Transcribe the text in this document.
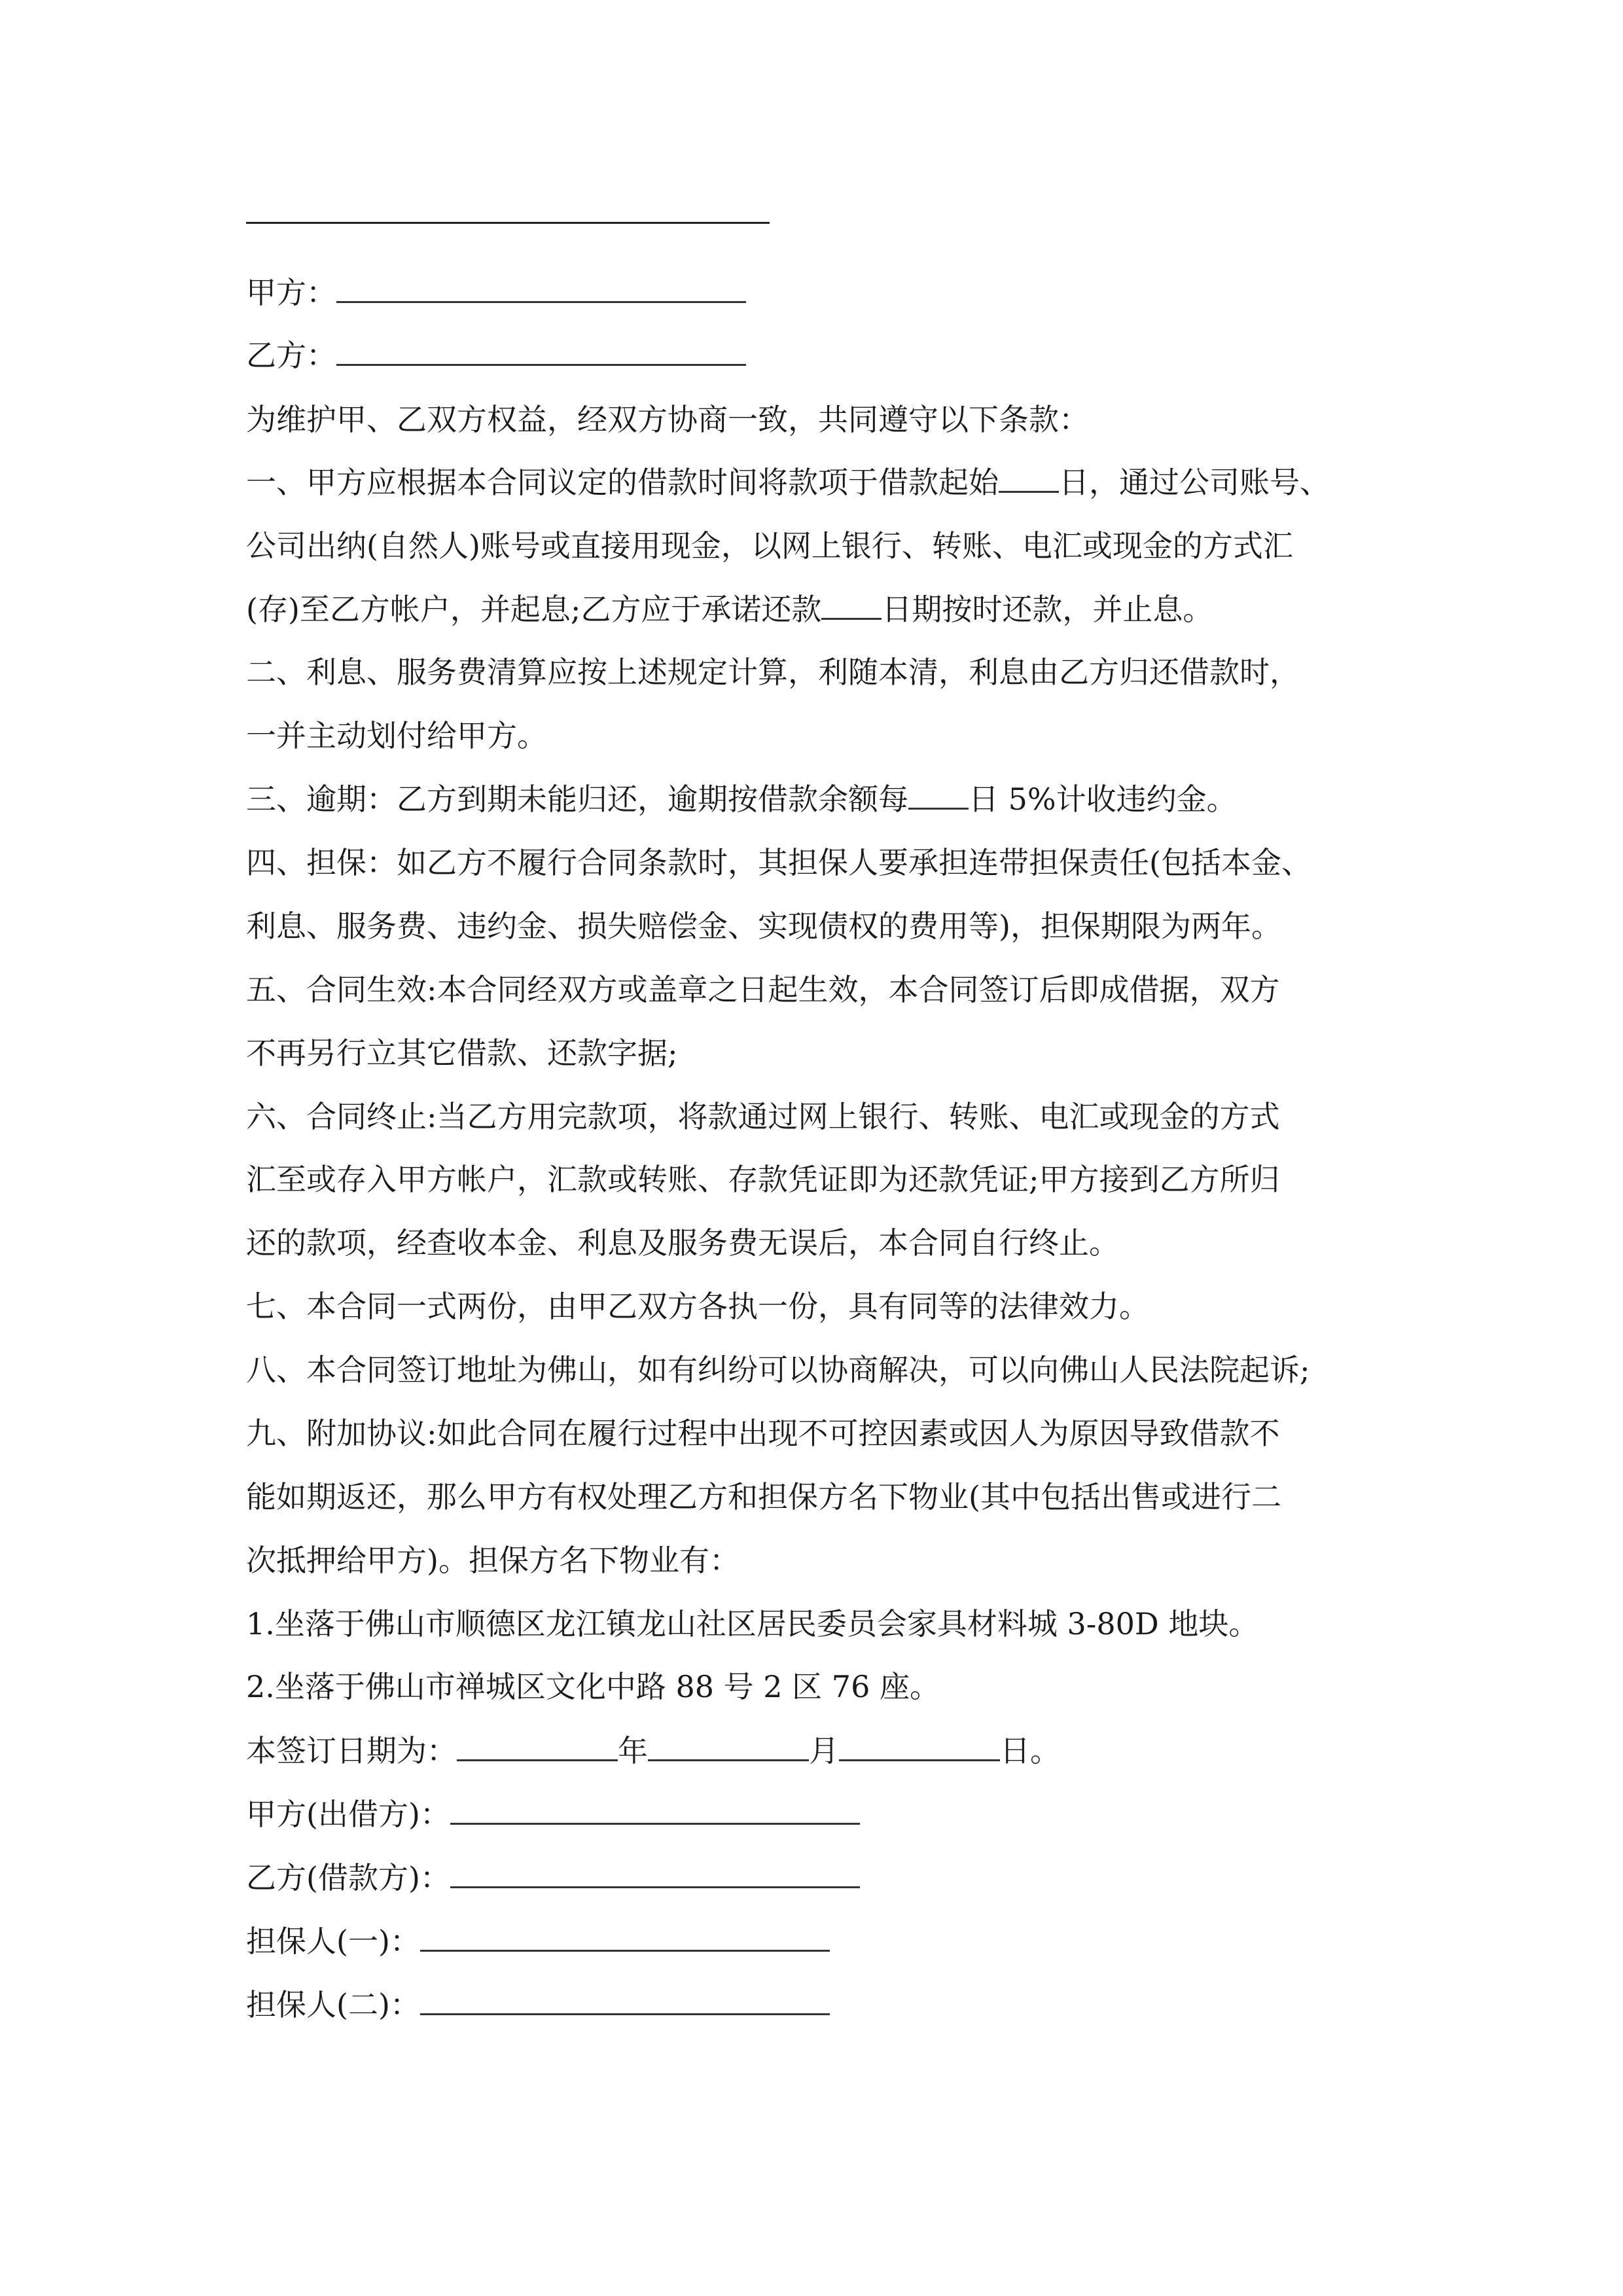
甲方：
乙方：
为维护甲、乙双方权益，经双方协商一致，共同遵守以下条款：
一、甲方应根据本合同议定的借款时间将款项于借款起始 日，通过公司账号、
公司出纳(自然人)账号或直接用现金，以网上银行、转账、电汇或现金的方式汇
(存)至乙方帐户，并起息;乙方应于承诺还款 日期按时还款，并止息。
二、利息、服务费清算应按上述规定计算，利随本清，利息由乙方归还借款时，
一并主动划付给甲方。
三、逾期：乙方到期未能归还，逾期按借款余额每 日 5%计收违约金。
四、担保：如乙方不履行合同条款时，其担保人要承担连带担保责任(包括本金、
利息、服务费、违约金、损失赔偿金、实现债权的费用等)，担保期限为两年。
五、合同生效:本合同经双方或盖章之日起生效，本合同签订后即成借据，双方
不再另行立其它借款、还款字据;
六、合同终止:当乙方用完款项，将款通过网上银行、转账、电汇或现金的方式
汇至或存入甲方帐户，汇款或转账、存款凭证即为还款凭证;甲方接到乙方所归
还的款项，经查收本金、利息及服务费无误后，本合同自行终止。
七、本合同一式两份，由甲乙双方各执一份，具有同等的法律效力。
八、本合同签订地址为佛山，如有纠纷可以协商解决，可以向佛山人民法院起诉;
九、附加协议:如此合同在履行过程中出现不可控因素或因人为原因导致借款不
能如期返还，那么甲方有权处理乙方和担保方名下物业(其中包括出售或进行二
次抵押给甲方)。担保方名下物业有：
1.坐落于佛山市顺德区龙江镇龙山社区居民委员会家具材料城 3-80D 地块。
2.坐落于佛山市禅城区文化中路 88 号 2 区 76 座。
本签订日期为：	年	月	日。
甲方(出借方)：
乙方(借款方)：
担保人(一)：
担保人(二)：
